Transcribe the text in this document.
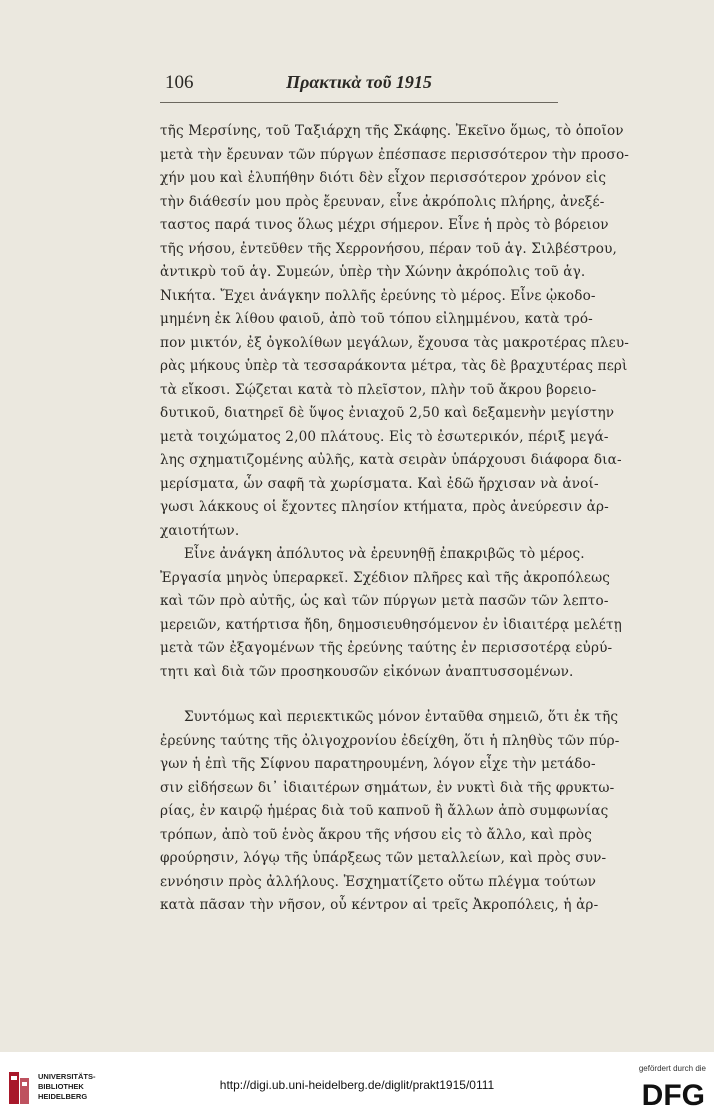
106	Πρακτικὰ τοῦ 1915
τῆς Μερσίνης, τοῦ Ταξιάρχη τῆς Σκάφης. Ἐκεῖνο ὅμως, τὸ ὁποῖον
μετὰ τὴν ἔρευναν τῶν πύργων ἐπέσπασε περισσότερον τὴν προσο-
χήν μου καὶ ἐλυπήθην διότι δὲν εἶχον περισσότερον χρόνον εἰς
τὴν διάθεσίν μου πρὸς ἔρευναν, εἶνε ἀκρόπολις πλήρης, ἀνεξέ-
ταστος παρά τινος ὅλως μέχρι σήμερον. Εἶνε ἡ πρὸς τὸ βόρειον
τῆς νήσου, ἐντεῦθεν τῆς Χερρονήσου, πέραν τοῦ ἁγ. Σιλβέστρου,
ἀντικρὺ τοῦ ἁγ. Συμεών, ὑπὲρ τὴν Χώνην ἀκρόπολις τοῦ ἁγ.
Νικήτα. Ἔχει ἀνάγκην πολλῆς ἐρεύνης τὸ μέρος. Εἶνε ᾠκοδο-
μημένη ἐκ λίθου φαιοῦ, ἀπὸ τοῦ τόπου εἰλημμένου, κατὰ τρό-
πον μικτόν, ἐξ ὀγκολίθων μεγάλων, ἔχουσα τὰς μακροτέρας πλευ-
ρὰς μήκους ὑπὲρ τὰ τεσσαράκοντα μέτρα, τὰς δὲ βραχυτέρας περὶ
τὰ εἴκοσι. Σῴζεται κατὰ τὸ πλεῖστον, πλὴν τοῦ ἄκρου βορειο-
δυτικοῦ, διατηρεῖ δὲ ὕψος ἐνιαχοῦ 2,50 καὶ δεξαμενὴν μεγίστην
μετὰ τοιχώματος 2,00 πλάτους. Εἰς τὸ ἐσωτερικόν, πέριξ μεγά-
λης σχηματιζομένης αὐλῆς, κατὰ σειρὰν ὑπάρχουσι διάφορα δια-
μερίσματα, ὧν σαφῆ τὰ χωρίσματα. Καὶ ἐδῶ ἤρχισαν νὰ ἀνοί-
γωσι λάκκους οἱ ἔχοντες πλησίον κτήματα, πρὸς ἀνεύρεσιν ἀρ-
χαιοτήτων.
Εἶνε ἀνάγκη ἀπόλυτος νὰ ἐρευνηθῇ ἐπακριβῶς τὸ μέρος.
Ἐργασία μηνὸς ὑπεραρκεῖ. Σχέδιον πλῆρες καὶ τῆς ἀκροπόλεως
καὶ τῶν πρὸ αὐτῆς, ὡς καὶ τῶν πύργων μετὰ πασῶν τῶν λεπτο-
μερειῶν, κατήρτισα ἤδη, δημοσιευθησόμενον ἐν ἰδιαιτέρᾳ μελέτῃ
μετὰ τῶν ἐξαγομένων τῆς ἐρεύνης ταύτης ἐν περισσοτέρᾳ εὐρύ-
τητι καὶ διὰ τῶν προσηκουσῶν εἰκόνων ἀναπτυσσομένων.
Συντόμως καὶ περιεκτικῶς μόνον ἐνταῦθα σημειῶ, ὅτι ἐκ τῆς
ἐρεύνης ταύτης τῆς ὀλιγοχρονίου ἐδείχθη, ὅτι ἡ πληθὺς τῶν πύρ-
γων ἡ ἐπὶ τῆς Σίφνου παρατηρουμένη, λόγον εἶχε τὴν μετάδο-
σιν εἰδήσεων δι᾿ ἰδιαιτέρων σημάτων, ἐν νυκτὶ διὰ τῆς φρυκτω-
ρίας, ἐν καιρῷ ἡμέρας διὰ τοῦ καπνοῦ ἢ ἄλλων ἀπὸ συμφωνίας
τρόπων, ἀπὸ τοῦ ἑνὸς ἄκρου τῆς νήσου εἰς τὸ ἄλλο, καὶ πρὸς
φρούρησιν, λόγῳ τῆς ὑπάρξεως τῶν μεταλλείων, καὶ πρὸς συν-
εννόησιν πρὸς ἀλλήλους. Ἐσχηματίζετο οὕτω πλέγμα τούτων
κατὰ πᾶσαν τὴν νῆσον, οὗ κέντρον αἱ τρεῖς Ἀκροπόλεις, ἡ ἀρ-
UNIVERSITÄTS-
BIBLIOTHEK
HEIDELBERG
http://digi.ub.uni-heidelberg.de/diglit/prakt1915/0111
gefördert durch die
DFG
